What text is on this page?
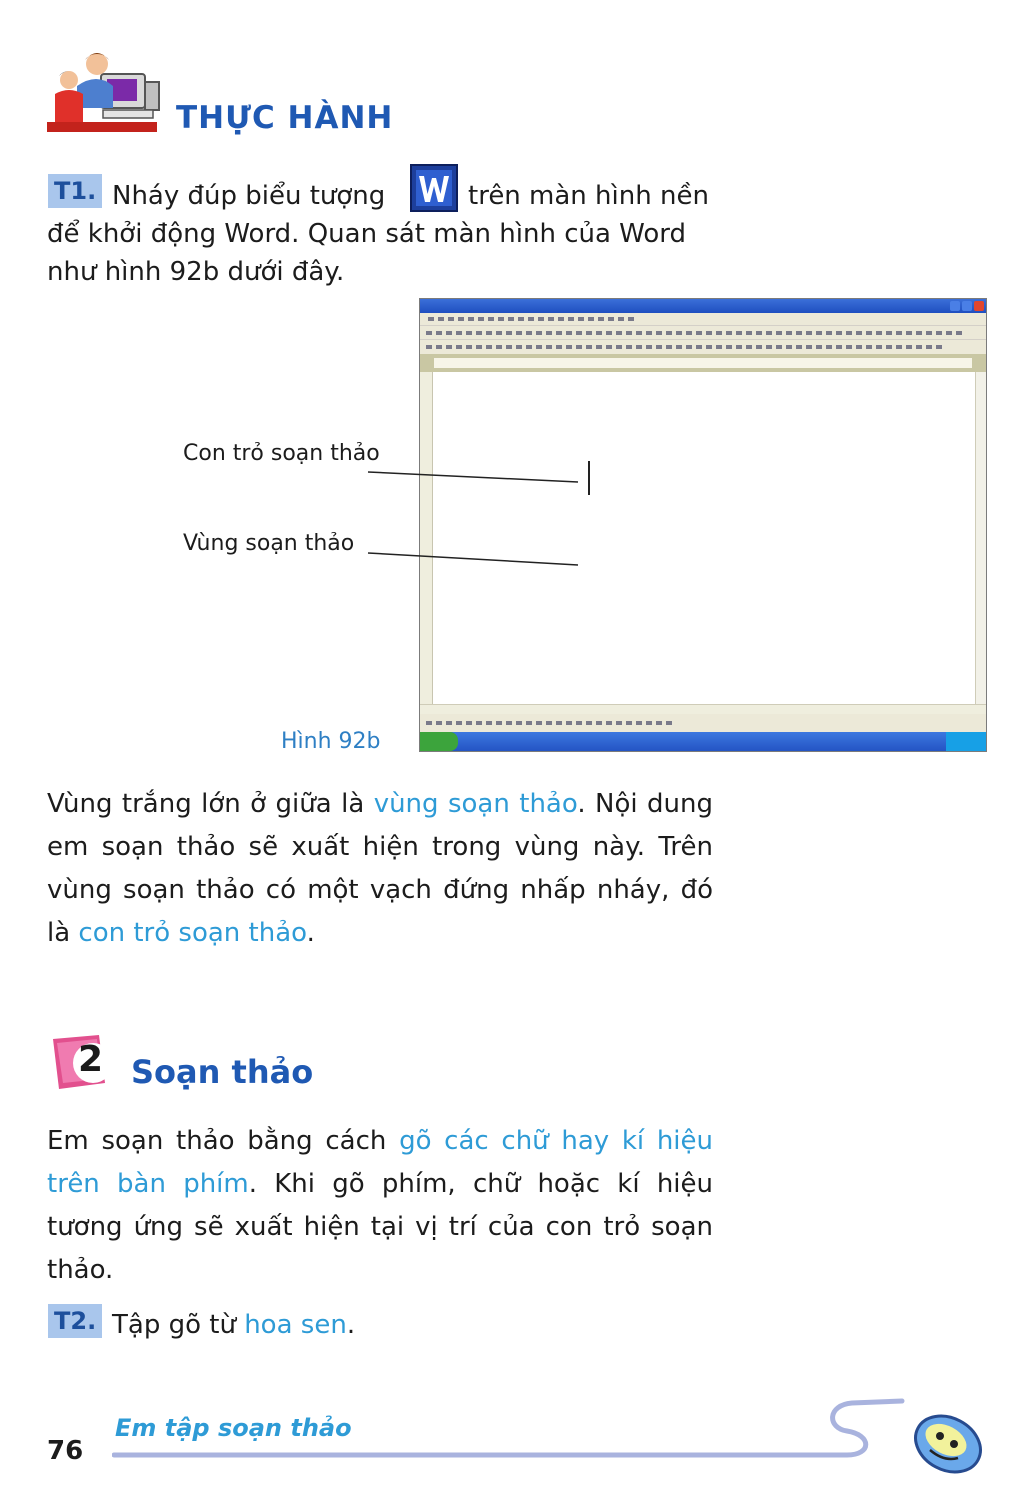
THỰC HÀNH
T1. Nháy đúp biểu tượng	trên màn hình nền
để khởi động Word. Quan sát màn hình của Word
như hình 92b dưới đây.
Con trỏ soạn thảo
Vùng soạn thảo
Hình 92b

Vùng trắng lớn ở giữa là vùng soạn thảo. Nội dung em soạn thảo sẽ xuất hiện trong vùng này. Trên vùng soạn thảo có một vạch đứng nhấp nháy, đó là con trỏ soạn thảo.

2 Soạn thảo

Em soạn thảo bằng cách gõ các chữ hay kí hiệu trên bàn phím. Khi gõ phím, chữ hoặc kí hiệu tương ứng sẽ xuất hiện tại vị trí của con trỏ soạn thảo.

T2. Tập gõ từ hoa sen.
76
Em tập soạn thảo
